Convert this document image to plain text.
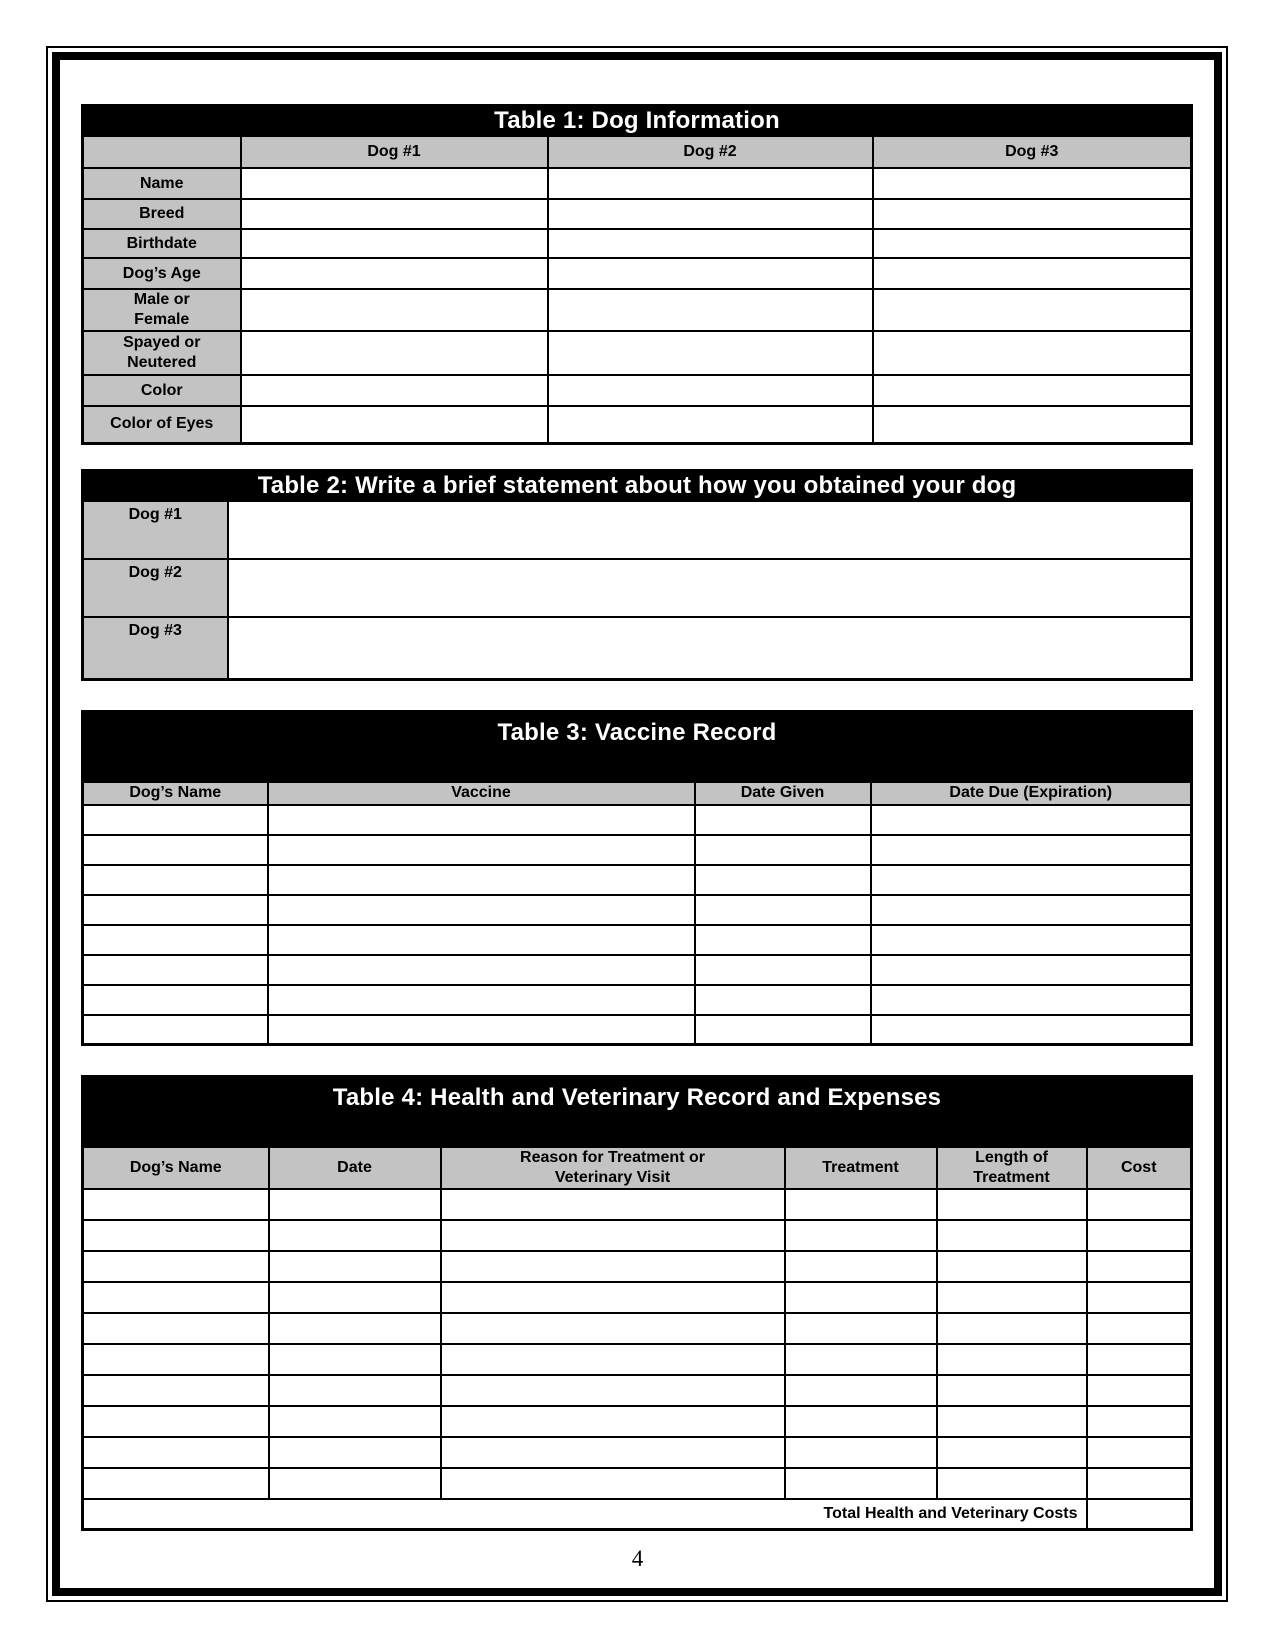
Table 1: Dog Information			
	Dog #1	Dog #2	Dog #3
Name			
Breed			
Birthdate			
Dog’s Age			
Male or Female			
Spayed or Neutered			
Color			
Color of Eyes			
Table 2: Write a brief statement about how you obtained your dog	
Dog #1	
Dog #2	
Dog #3	
Table 3: Vaccine Record			
Dog’s Name	Vaccine	Date Given	Date Due (Expiration)

Table 4: Health and Veterinary Record and Expenses					
Dog’s Name	Date	Reason for Treatment or Veterinary Visit	Treatment	Length of Treatment	Cost

Total Health and Veterinary Costs					
4
